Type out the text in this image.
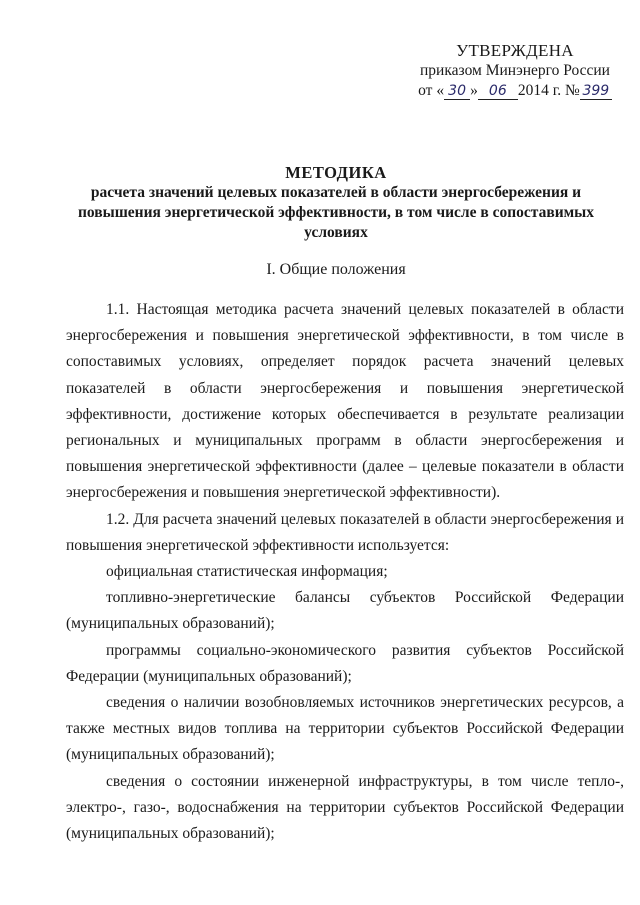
УТВЕРЖДЕНА
приказом Минэнерго России
от « 30 » 06 2014 г. № 399
МЕТОДИКА
расчета значений целевых показателей в области энергосбережения и повышения энергетической эффективности, в том числе в сопоставимых условиях
I. Общие положения

1.1. Настоящая методика расчета значений целевых показателей в области энергосбережения и повышения энергетической эффективности, в том числе в сопоставимых условиях, определяет порядок расчета значений целевых показателей в области энергосбережения и повышения энергетической эффективности, достижение которых обеспечивается в результате реализации региональных и муниципальных программ в области энергосбережения и повышения энергетической эффективности (далее – целевые показатели в области энергосбережения и повышения энергетической эффективности).

1.2. Для расчета значений целевых показателей в области энергосбережения и повышения энергетической эффективности используется:

официальная статистическая информация;

топливно-энергетические балансы субъектов Российской Федерации (муниципальных образований);

программы социально-экономического развития субъектов Российской Федерации (муниципальных образований);

сведения о наличии возобновляемых источников энергетических ресурсов, а также местных видов топлива на территории субъектов Российской Федерации (муниципальных образований);

сведения о состоянии инженерной инфраструктуры, в том числе тепло-, электро-, газо-, водоснабжения на территории субъектов Российской Федерации (муниципальных образований);
